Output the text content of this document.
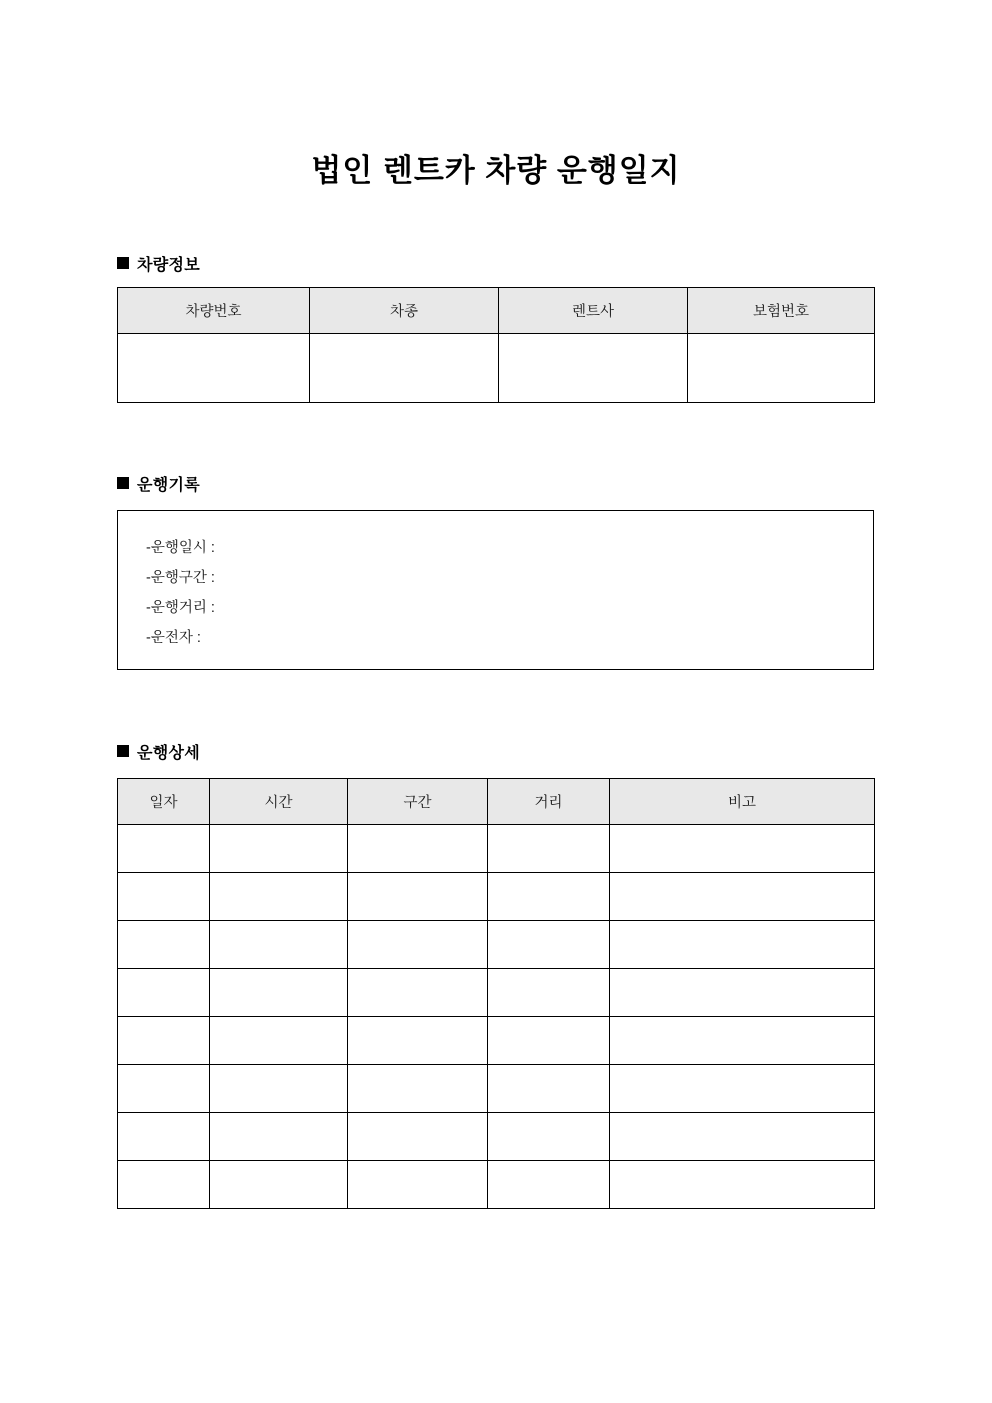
법인 렌트카 차량 운행일지
차량정보
차량번호	차종	렌트사	보험번호

운행기록
-운행일시 :
-운행구간 :
-운행거리 :
-운전자 :
운행상세
일자	시간	구간	거리	비고
